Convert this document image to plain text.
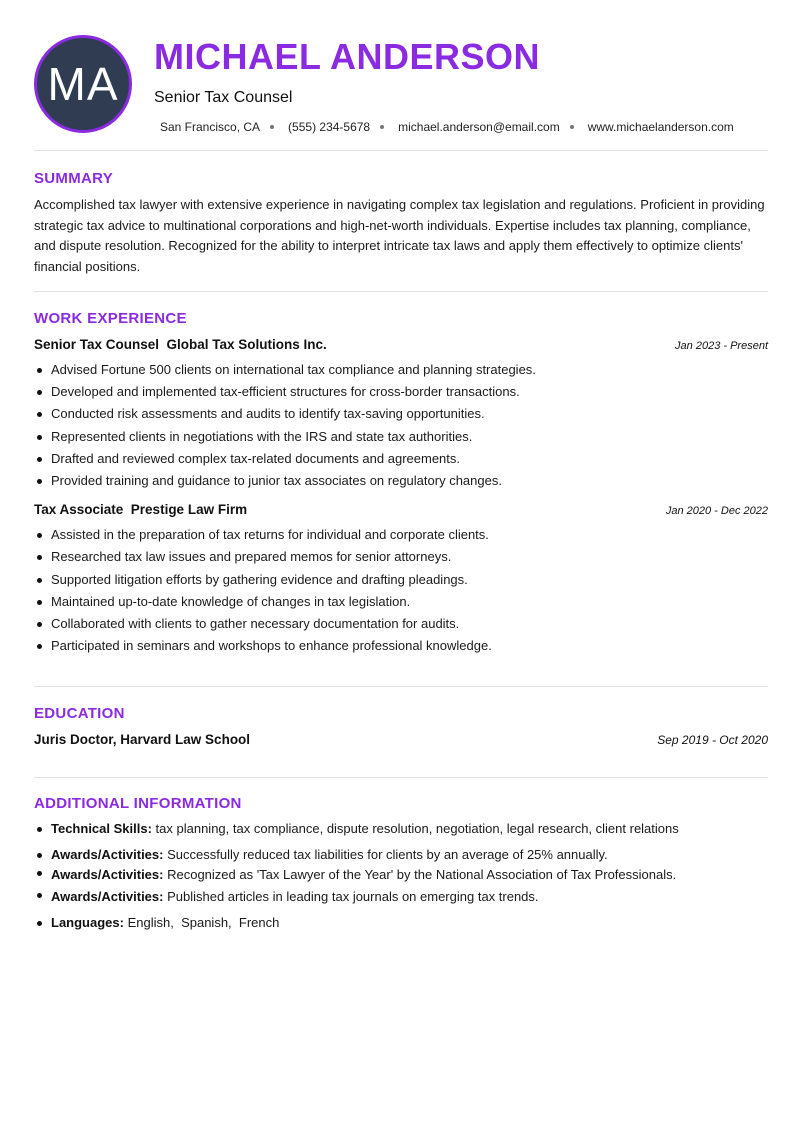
MA
MICHAEL ANDERSON
Senior Tax Counsel
San Francisco, CA (555) 234-5678 michael.anderson@email.com www.michaelanderson.com
SUMMARY

Accomplished tax lawyer with extensive experience in navigating complex tax legislation and regulations. Proficient in providing strategic tax advice to multinational corporations and high-net-worth individuals. Expertise includes tax planning, compliance, and dispute resolution. Recognized for the ability to interpret intricate tax laws and apply them effectively to optimize clients' financial positions.

WORK EXPERIENCE
Senior Tax Counsel  Global Tax Solutions Inc.	Jan 2023 - Present
Advised Fortune 500 clients on international tax compliance and planning strategies.
Developed and implemented tax-efficient structures for cross-border transactions.
Conducted risk assessments and audits to identify tax-saving opportunities.
Represented clients in negotiations with the IRS and state tax authorities.
Drafted and reviewed complex tax-related documents and agreements.
Provided training and guidance to junior tax associates on regulatory changes.
Tax Associate  Prestige Law Firm	Jan 2020 - Dec 2022
Assisted in the preparation of tax returns for individual and corporate clients.
Researched tax law issues and prepared memos for senior attorneys.
Supported litigation efforts by gathering evidence and drafting pleadings.
Maintained up-to-date knowledge of changes in tax legislation.
Collaborated with clients to gather necessary documentation for audits.
Participated in seminars and workshops to enhance professional knowledge.
EDUCATION
Juris Doctor, Harvard Law School	Sep 2019 - Oct 2020
ADDITIONAL INFORMATION
Technical Skills: tax planning, tax compliance, dispute resolution, negotiation, legal research, client relations
Awards/Activities: Successfully reduced tax liabilities for clients by an average of 25% annually.
Awards/Activities: Recognized as 'Tax Lawyer of the Year' by the National Association of Tax Professionals.
Awards/Activities: Published articles in leading tax journals on emerging tax trends.
Languages: English,  Spanish,  French
